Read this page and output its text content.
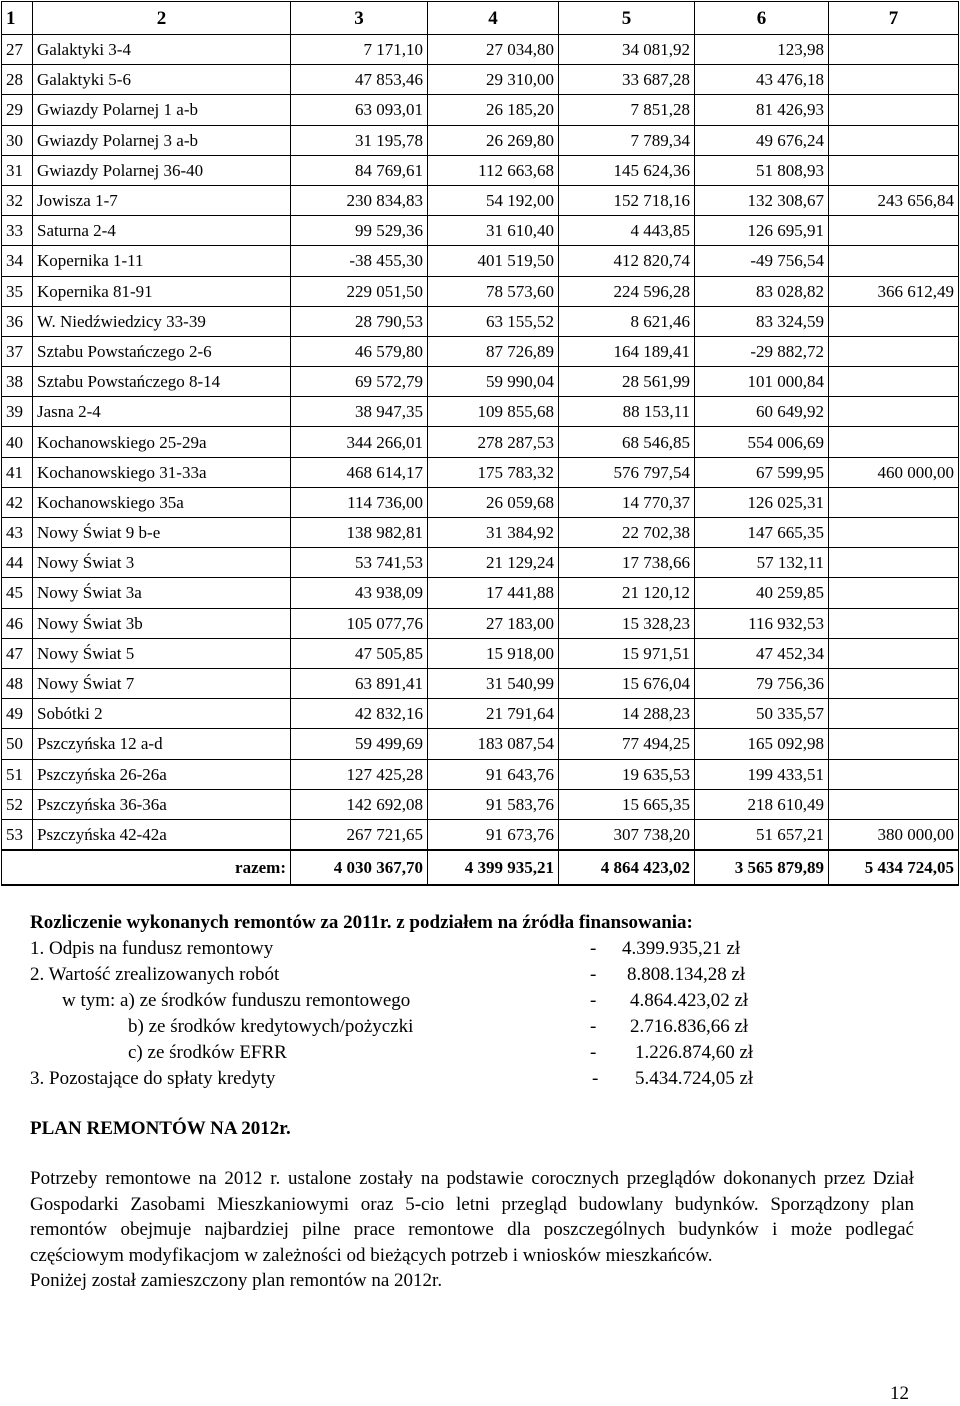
1	2	3	4	5	6	7
27	Galaktyki 3-4	7 171,10	27 034,80	34 081,92	123,98	
28	Galaktyki 5-6	47 853,46	29 310,00	33 687,28	43 476,18	
29	Gwiazdy Polarnej 1 a-b	63 093,01	26 185,20	7 851,28	81 426,93	
30	Gwiazdy Polarnej 3 a-b	31 195,78	26 269,80	7 789,34	49 676,24	
31	Gwiazdy Polarnej 36-40	84 769,61	112 663,68	145 624,36	51 808,93	
32	Jowisza 1-7	230 834,83	54 192,00	152 718,16	132 308,67	243 656,84
33	Saturna 2-4	99 529,36	31 610,40	4 443,85	126 695,91	
34	Kopernika 1-11	-38 455,30	401 519,50	412 820,74	-49 756,54	
35	Kopernika 81-91	229 051,50	78 573,60	224 596,28	83 028,82	366 612,49
36	W. Niedźwiedzicy 33-39	28 790,53	63 155,52	8 621,46	83 324,59	
37	Sztabu Powstańczego 2-6	46 579,80	87 726,89	164 189,41	-29 882,72	
38	Sztabu Powstańczego 8-14	69 572,79	59 990,04	28 561,99	101 000,84	
39	Jasna 2-4	38 947,35	109 855,68	88 153,11	60 649,92	
40	Kochanowskiego 25-29a	344 266,01	278 287,53	68 546,85	554 006,69	
41	Kochanowskiego 31-33a	468 614,17	175 783,32	576 797,54	67 599,95	460 000,00
42	Kochanowskiego 35a	114 736,00	26 059,68	14 770,37	126 025,31	
43	Nowy Świat 9 b-e	138 982,81	31 384,92	22 702,38	147 665,35	
44	Nowy Świat 3	53 741,53	21 129,24	17 738,66	57 132,11	
45	Nowy Świat 3a	43 938,09	17 441,88	21 120,12	40 259,85	
46	Nowy Świat 3b	105 077,76	27 183,00	15 328,23	116 932,53	
47	Nowy Świat 5	47 505,85	15 918,00	15 971,51	47 452,34	
48	Nowy Świat 7	63 891,41	31 540,99	15 676,04	79 756,36	
49	Sobótki 2	42 832,16	21 791,64	14 288,23	50 335,57	
50	Pszczyńska 12 a-d	59 499,69	183 087,54	77 494,25	165 092,98	
51	Pszczyńska 26-26a	127 425,28	91 643,76	19 635,53	199 433,51	
52	Pszczyńska 36-36a	142 692,08	91 583,76	15 665,35	218 610,49	
53	Pszczyńska 42-42a	267 721,65	91 673,76	307 738,20	51 657,21	380 000,00
	razem:	4 030 367,70	4 399 935,21	4 864 423,02	3 565 879,89	5 434 724,05
Rozliczenie wykonanych remontów za 2011r. z podziałem na źródła finansowania:
1. Odpis na fundusz remontowy	- 4.399.935,21 zł
2. Wartość zrealizowanych robót	- 8.808.134,28 zł
w tym: a) ze środków funduszu remontowego	- 4.864.423,02 zł
b) ze środków kredytowych/pożyczki	- 2.716.836,66 zł
c) ze środków EFRR	- 1.226.874,60 zł
3. Pozostające do spłaty kredyty	- 5.434.724,05 zł
PLAN REMONTÓW NA 2012r.

Potrzeby remontowe na 2012 r. ustalone zostały na podstawie corocznych przeglądów dokonanych przez Dział Gospodarki Zasobami Mieszkaniowymi oraz 5-cio letni przegląd budowlany budynków. Sporządzony plan remontów obejmuje najbardziej pilne prace remontowe dla poszczególnych budynków i może podlegać częściowym modyfikacjom w zależności od bieżących potrzeb i wniosków mieszkańców.

Poniżej został zamieszczony plan remontów na 2012r.

12
